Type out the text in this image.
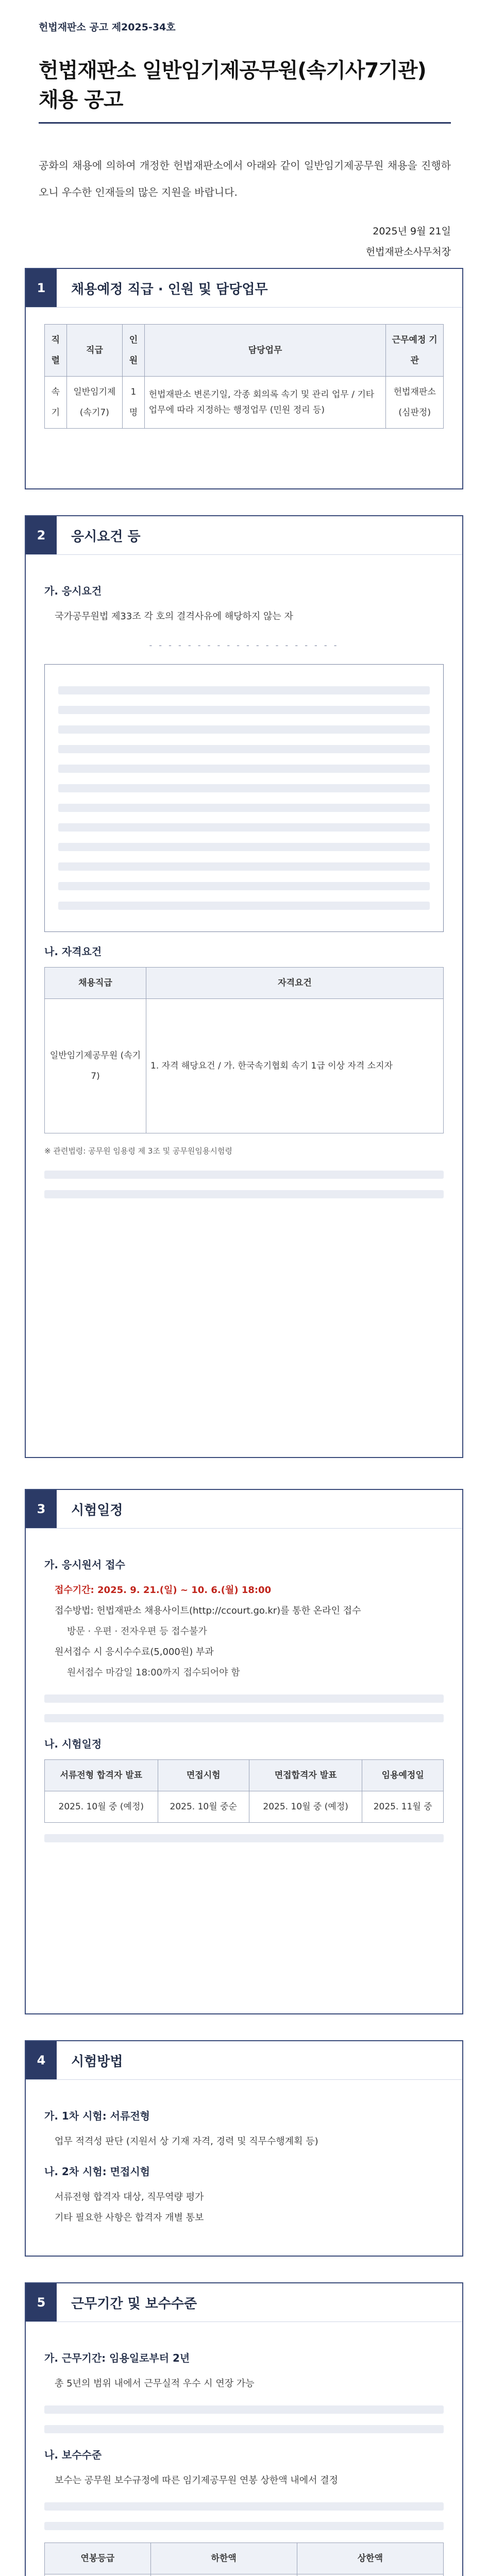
헌법재판소 공고 제2025-34호
헌법재판소 일반임기제공무원(속기사7기관) 채용 공고
공화의 채용에 의하여 개정한 헌법재판소에서 아래와 같이 일반임기제공무원 채용을 진행하오니 우수한 인재들의 많은 지원을 바랍니다.
2025년 9월 21일
헌법재판소사무처장
1	채용예정 직급 · 인원 및 담당업무
직렬	직급	인원	담당업무	근무예정 기관
속기	일반임기제 (속기7)	1명	헌법재판소 변론기일, 각종 회의록 속기 및 관리 업무 / 기타 업무에 따라 지정하는 행정업무 (민원 정리 등)	헌법재판소 (심판정)
2	응시요건 등
가. 응시요건
국가공무원법 제33조 각 호의 결격사유에 해당하지 않는 자
- - - - - - - - - - - - - - - - - - - -
나. 자격요건
채용직급	자격요건
일반임기제공무원 (속기7)	1. 자격 해당요건 / 가. 한국속기협회 속기 1급 이상 자격 소지자
※ 관련법령: 공무원 임용령 제 3조 및 공무원임용시험령
3	시험일정
가. 응시원서 접수
접수기간: 2025. 9. 21.(일) ~ 10. 6.(월) 18:00
접수방법: 헌법재판소 채용사이트(http://ccourt.go.kr)를 통한 온라인 접수
방문 · 우편 · 전자우편 등 접수불가
원서접수 시 응시수수료(5,000원) 부과
원서접수 마감일 18:00까지 접수되어야 함
나. 시험일정
서류전형 합격자 발표	면접시험	면접합격자 발표	임용예정일
2025. 10월 중 (예정)	2025. 10월 중순	2025. 10월 중 (예정)	2025. 11월 중
4	시험방법
가. 1차 시험: 서류전형
업무 적격성 판단 (지원서 상 기재 자격, 경력 및 직무수행계획 등)
나. 2차 시험: 면접시험
서류전형 합격자 대상, 직무역량 평가
기타 필요한 사항은 합격자 개별 통보
5	근무기간 및 보수수준
가. 근무기간: 임용일로부터 2년
총 5년의 범위 내에서 근무실적 우수 시 연장 가능
나. 보수수준
보수는 공무원 보수규정에 따른 임기제공무원 연봉 상한액 내에서 결정
연봉등급	하한액	상한액
